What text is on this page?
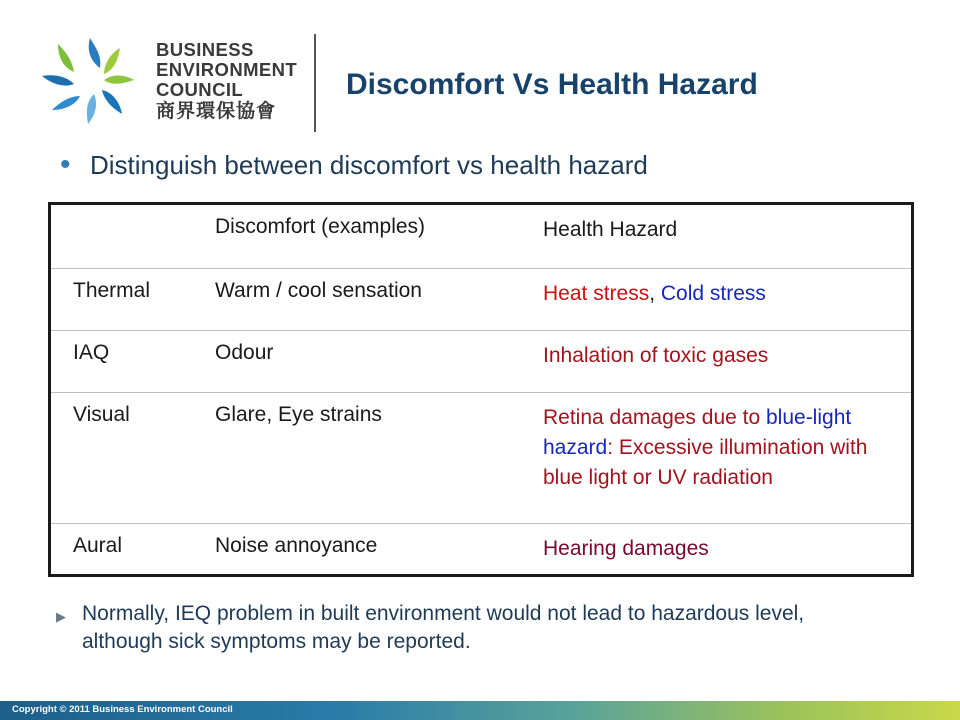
BUSINESS
ENVIRONMENT
COUNCIL
商界環保協會
Discomfort Vs Health Hazard
• Distinguish between discomfort vs health hazard
	Discomfort (examples)	Health Hazard
Thermal	Warm / cool sensation	Heat stress, Cold stress
IAQ	Odour	Inhalation of toxic gases
Visual	Glare, Eye strains	Retina damages due to blue-light hazard: Excessive illumination with blue light or UV radiation
Aural	Noise annoyance	Hearing damages
▶ Normally, IEQ problem in built environment would not lead to hazardous level, although sick symptoms may be reported.
Copyright © 2011 Business Environment Council
